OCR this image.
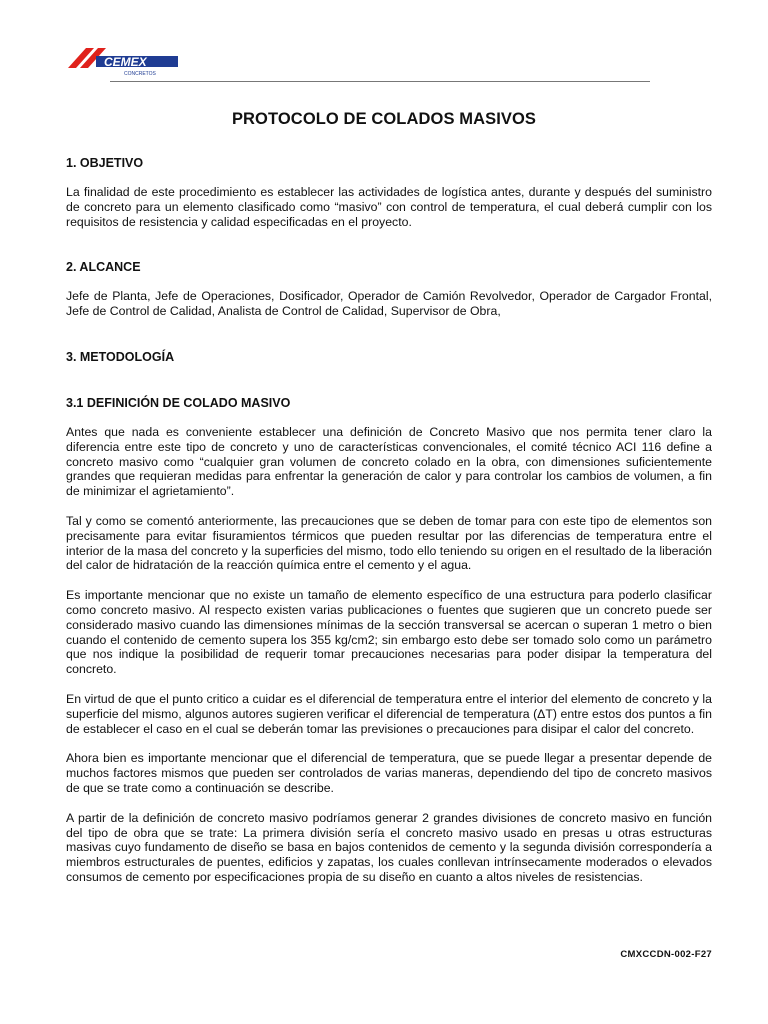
CEMEX
CONCRETOS
PROTOCOLO DE COLADOS MASIVOS
1. OBJETIVO

La finalidad de este procedimiento es establecer las actividades de logística antes, durante y después del suministro de concreto para un elemento clasificado como “masivo” con control de temperatura, el cual deberá cumplir con los requisitos de resistencia y calidad especificadas en el proyecto.

2. ALCANCE

Jefe de Planta, Jefe de Operaciones, Dosificador, Operador de Camión Revolvedor, Operador de Cargador Frontal, Jefe de Control de Calidad, Analista de Control de Calidad, Supervisor de Obra,

3. METODOLOGÍA
3.1 DEFINICIÓN DE COLADO MASIVO

Antes que nada es conveniente establecer una definición de Concreto Masivo que nos permita tener claro la diferencia entre este tipo de concreto y uno de características convencionales, el comité técnico ACI 116 define a concreto masivo como “cualquier gran volumen de concreto colado en la obra, con dimensiones suficientemente grandes que requieran medidas para enfrentar la generación de calor y para controlar los cambios de volumen, a fin de minimizar el agrietamiento”.

Tal y como se comentó anteriormente, las precauciones que se deben de tomar para con este tipo de elementos son precisamente para evitar fisuramientos térmicos que pueden resultar por las diferencias de temperatura entre el interior de la masa del concreto y la superficies del mismo, todo ello teniendo su origen en el resultado de la liberación del calor de hidratación de la reacción química entre el cemento y el agua.

Es importante mencionar que no existe un tamaño de elemento específico de una estructura para poderlo clasificar como concreto masivo. Al respecto existen varias publicaciones o fuentes que sugieren que un concreto puede ser considerado masivo cuando las dimensiones mínimas de la sección transversal se acercan o superan 1 metro o bien cuando el contenido de cemento supera los 355 kg/cm2; sin embargo esto debe ser tomado solo como un parámetro que nos indique la posibilidad de requerir tomar precauciones necesarias para poder disipar la temperatura del concreto.

En virtud de que el punto critico a cuidar es el diferencial de temperatura entre el interior del elemento de concreto y la superficie del mismo, algunos autores sugieren verificar el diferencial de temperatura (ΔT) entre estos dos puntos a fin de establecer el caso en el cual se deberán tomar las previsiones o precauciones para disipar el calor del concreto.

Ahora bien es importante mencionar que el diferencial de temperatura, que se puede llegar a presentar depende de muchos factores mismos que pueden ser controlados de varias maneras, dependiendo del tipo de concreto masivos de que se trate como a continuación se describe.

A partir de la definición de concreto masivo podríamos generar 2 grandes divisiones de concreto masivo en función del tipo de obra que se trate: La primera división sería el concreto masivo usado en presas u otras estructuras masivas cuyo fundamento de diseño se basa en bajos contenidos de cemento y la segunda división correspondería a miembros estructurales de puentes, edificios y zapatas, los cuales conllevan intrínsecamente moderados o elevados consumos de cemento por especificaciones propia de su diseño en cuanto a altos niveles de resistencias.

CMXCCDN-002-F27
